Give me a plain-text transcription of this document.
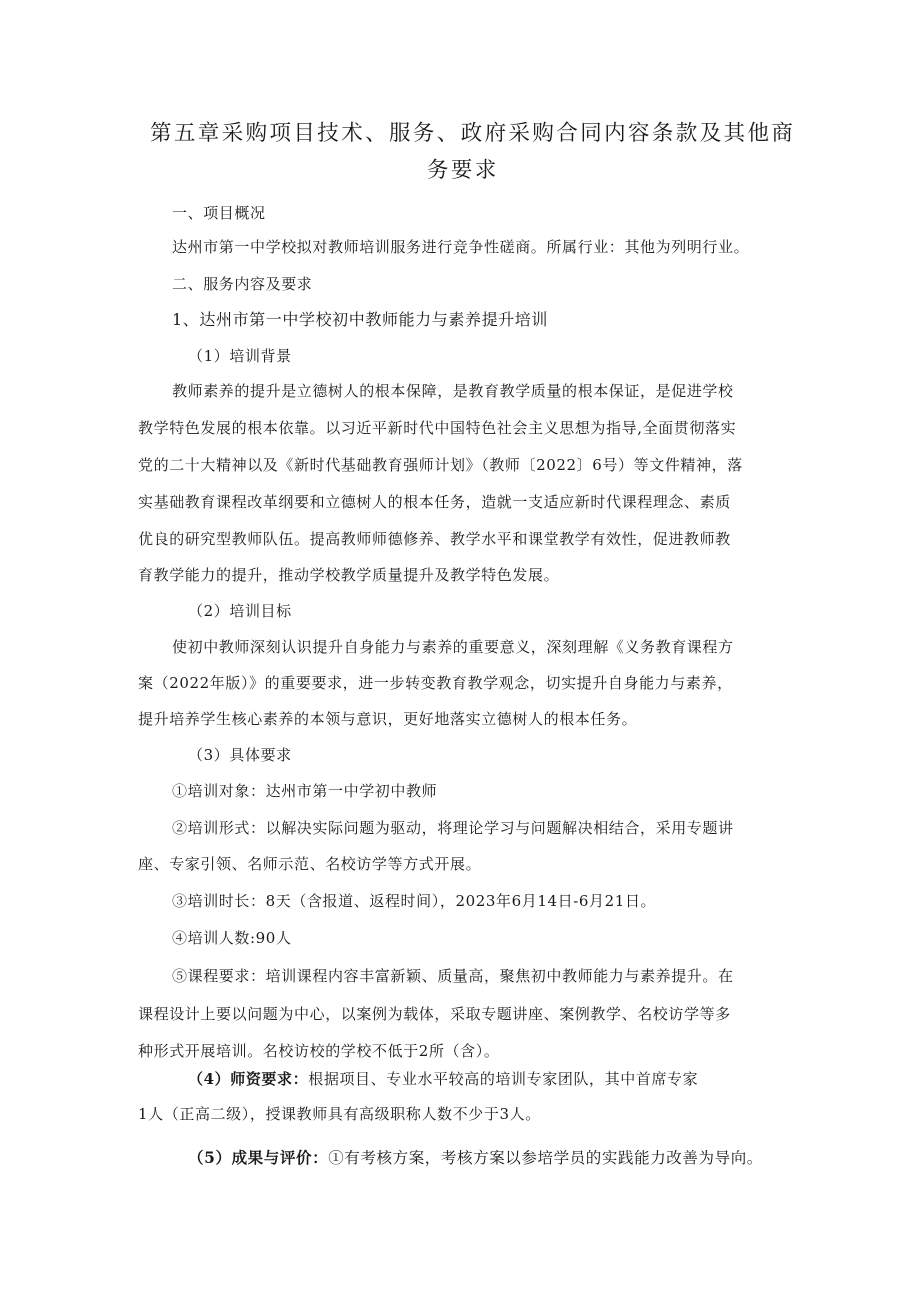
第五章采购项目技术、服务、政府采购合同内容条款及其他商
务要求
一、项目概况
达州市第一中学校拟对教师培训服务进行竞争性磋商。所属行业：其他为列明行业。
二、服务内容及要求
1、达州市第一中学校初中教师能力与素养提升培训
（1）培训背景
教师素养的提升是立德树人的根本保障，是教育教学质量的根本保证，是促进学校
教学特色发展的根本依靠。以习近平新时代中国特色社会主义思想为指导,全面贯彻落实
党的二十大精神以及《新时代基础教育强师计划》（教师〔2022〕6号）等文件精神，落
实基础教育课程改革纲要和立德树人的根本任务，造就一支适应新时代课程理念、素质
优良的研究型教师队伍。提高教师师德修养、教学水平和课堂教学有效性，促进教师教
育教学能力的提升，推动学校教学质量提升及教学特色发展。
（2）培训目标
使初中教师深刻认识提升自身能力与素养的重要意义，深刻理解《义务教育课程方
案（2022年版）》的重要要求，进一步转变教育教学观念，切实提升自身能力与素养，
提升培养学生核心素养的本领与意识，更好地落实立德树人的根本任务。
（3）具体要求
①培训对象：达州市第一中学初中教师
②培训形式：以解决实际问题为驱动，将理论学习与问题解决相结合，采用专题讲
座、专家引领、名师示范、名校访学等方式开展。
③培训时长：8天（含报道、返程时间），2023年6月14日-6月21日。
④培训人数:90人
⑤课程要求：培训课程内容丰富新颖、质量高，聚焦初中教师能力与素养提升。在
课程设计上要以问题为中心，以案例为载体，采取专题讲座、案例教学、名校访学等多
种形式开展培训。名校访校的学校不低于2所（含）。
（4）师资要求：根据项目、专业水平较高的培训专家团队，其中首席专家
1人（正高二级），授课教师具有高级职称人数不少于3人。
（5）成果与评价：①有考核方案，考核方案以参培学员的实践能力改善为导向。
